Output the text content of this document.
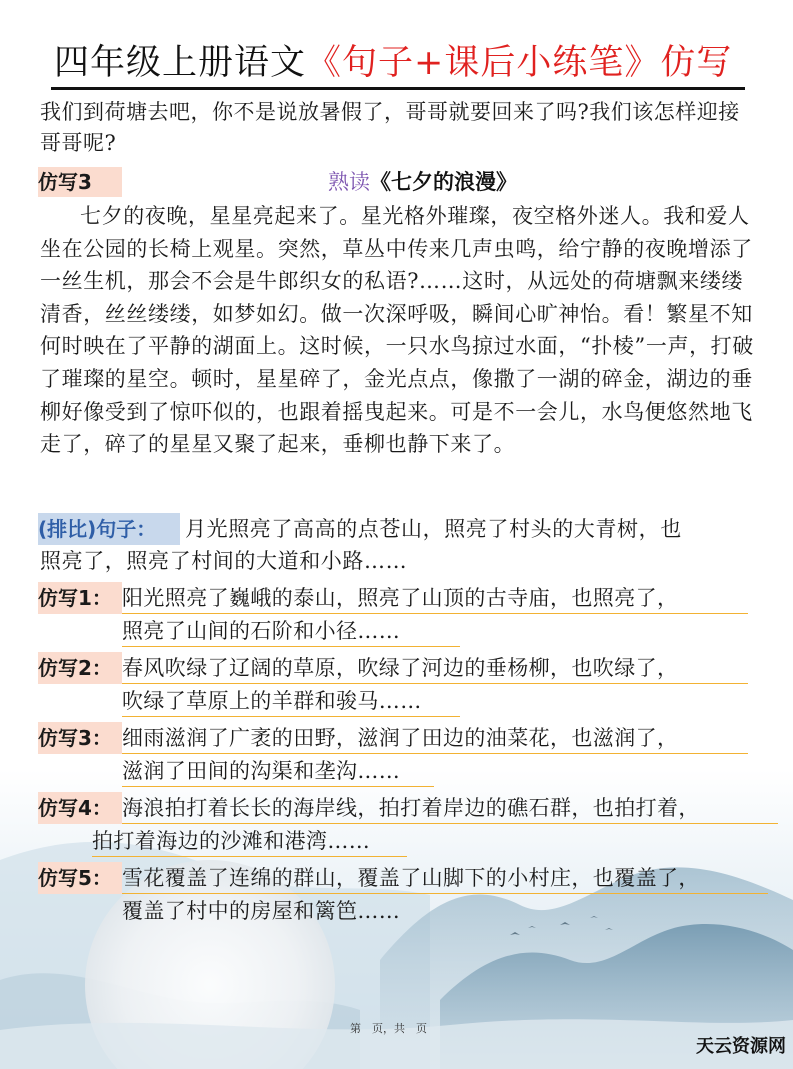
四年级上册语文《句子+课后小练笔》仿写
我们到荷塘去吧，你不是说放暑假了，哥哥就要回来了吗?我们该怎样迎接哥哥呢?
仿写3	熟读《七夕的浪漫》
七夕的夜晚，星星亮起来了。星光格外璀璨，夜空格外迷人。我和爱人坐在公园的长椅上观星。突然，草丛中传来几声虫鸣，给宁静的夜晚增添了一丝生机，那会不会是牛郎织女的私语?……这时，从远处的荷塘飘来缕缕清香，丝丝缕缕，如梦如幻。做一次深呼吸，瞬间心旷神怡。看！繁星不知何时映在了平静的湖面上。这时候，一只水鸟掠过水面，“扑棱”一声，打破了璀璨的星空。顿时，星星碎了，金光点点，像撒了一湖的碎金，湖边的垂柳好像受到了惊吓似的，也跟着摇曳起来。可是不一会儿，水鸟便悠然地飞走了，碎了的星星又聚了起来，垂柳也静下来了。
(排比)句子：	月光照亮了高高的点苍山，照亮了村头的大青树，也
照亮了，照亮了村间的大道和小路……
仿写1： 阳光照亮了巍峨的泰山，照亮了山顶的古寺庙，也照亮了，
照亮了山间的石阶和小径……
仿写2： 春风吹绿了辽阔的草原，吹绿了河边的垂杨柳，也吹绿了，
吹绿了草原上的羊群和骏马……
仿写3： 细雨滋润了广袤的田野，滋润了田边的油菜花，也滋润了，
滋润了田间的沟渠和垄沟……
仿写4： 海浪拍打着长长的海岸线，拍打着岸边的礁石群，也拍打着，
拍打着海边的沙滩和港湾……
仿写5： 雪花覆盖了连绵的群山，覆盖了山脚下的小村庄，也覆盖了，
覆盖了村中的房屋和篱笆……
第　页，共　页
天云资源网
